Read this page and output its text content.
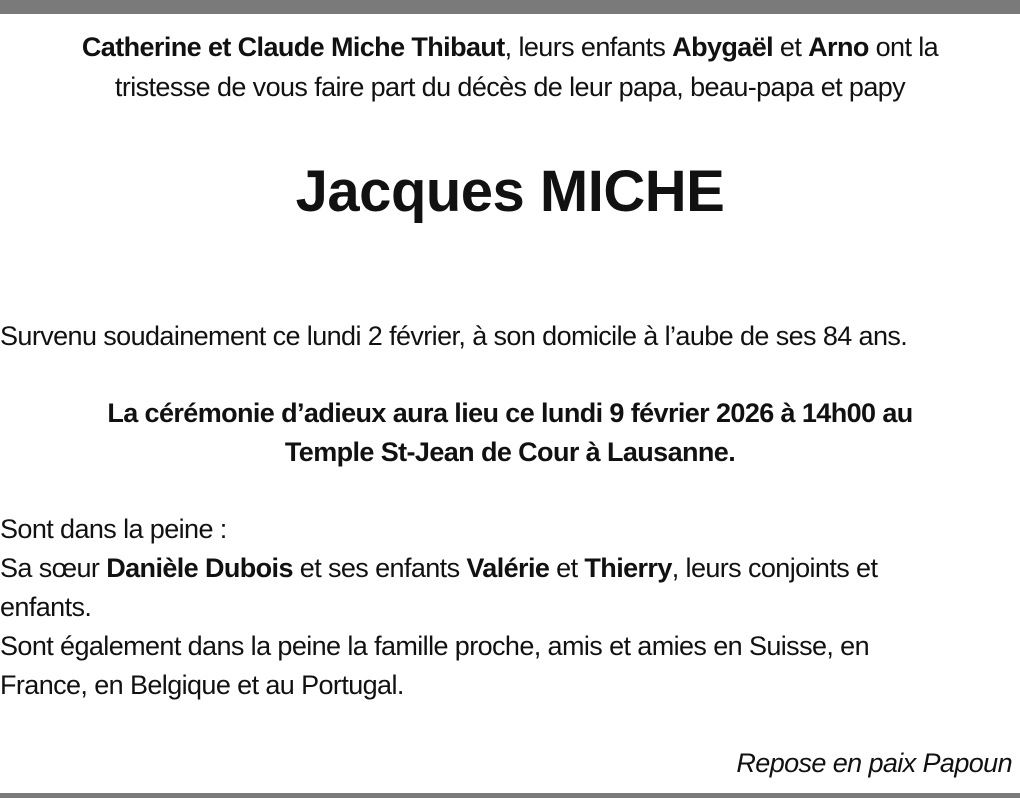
Catherine et Claude Miche Thibaut, leurs enfants Abygaël et Arno ont la
tristesse de vous faire part du décès de leur papa, beau-papa et papy
Jacques MICHE
Survenu soudainement ce lundi 2 février, à son domicile à l’aube de ses 84 ans.
La cérémonie d’adieux aura lieu ce lundi 9 février 2026 à 14h00 au
Temple St-Jean de Cour à Lausanne.
Sont dans la peine :
Sa sœur Danièle Dubois et ses enfants Valérie et Thierry, leurs conjoints et
enfants.
Sont également dans la peine la famille proche, amis et amies en Suisse, en
France, en Belgique et au Portugal.
Repose en paix Papoun
